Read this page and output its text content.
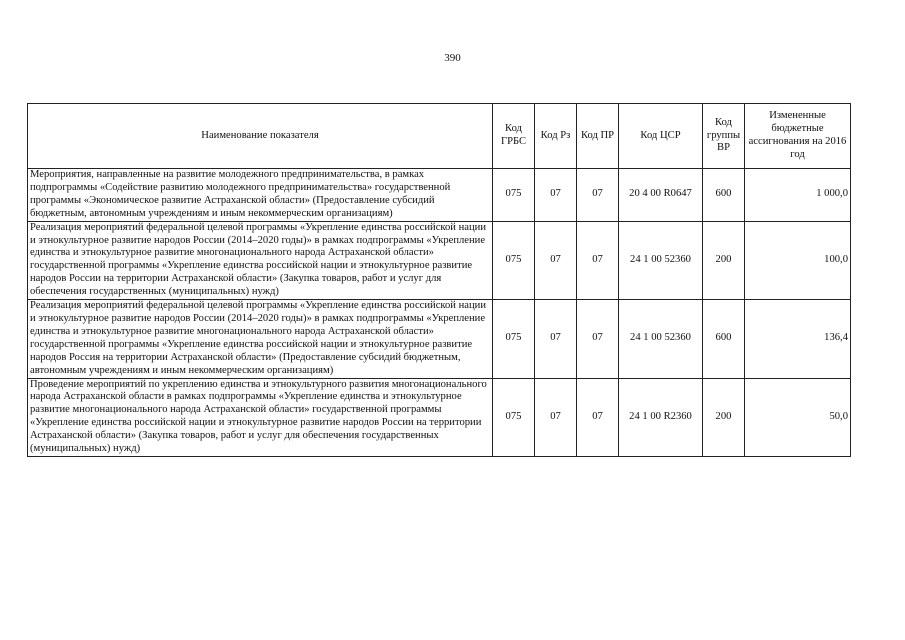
390
Наименование показателя	Код ГРБС	Код Рз	Код ПР	Код ЦСР	Код группы ВР	Измененные бюджетные ассигнования на 2016 год
Мероприятия, направленные на развитие молодежного предпринимательства, в рамках подпрограммы «Содействие развитию молодежного предпринимательства» государственной программы «Экономическое развитие Астраханской области» (Предоставление субсидий бюджетным, автономным учреждениям и иным некоммерческим организациям)	075	07	07	20 4 00 R0647	600	1 000,0
Реализация мероприятий федеральной целевой программы «Укрепление единства российской нации и этнокультурное развитие народов России (2014–2020 годы)» в рамках подпрограммы «Укрепление единства и этнокультурное развитие многонационального народа Астраханской области» государственной программы «Укрепление единства российской нации и этнокультурное развитие народов России на территории Астраханской области» (Закупка товаров, работ и услуг для обеспечения государственных (муниципальных) нужд)	075	07	07	24 1 00 52360	200	100,0
Реализация мероприятий федеральной целевой программы «Укрепление единства российской нации и этнокультурное развитие народов России (2014–2020 годы)» в рамках подпрограммы «Укрепление единства и этнокультурное развитие многонационального народа Астраханской области» государственной программы «Укрепление единства российской нации и этнокультурное развитие народов Россия на территории Астраханской области» (Предоставление субсидий бюджетным, автономным учреждениям и иным некоммерческим организациям)	075	07	07	24 1 00 52360	600	136,4
Проведение мероприятий по укреплению единства и этнокультурного развития многонационального народа Астраханской области в рамках подпрограммы «Укрепление единства и этнокультурное развитие многонационального народа Астраханской области» государственной программы «Укрепление единства российской нации и этнокультурное развитие народов России на территории Астраханской области» (Закупка товаров, работ и услуг для обеспечения государственных (муниципальных) нужд)	075	07	07	24 1 00 R2360	200	50,0
